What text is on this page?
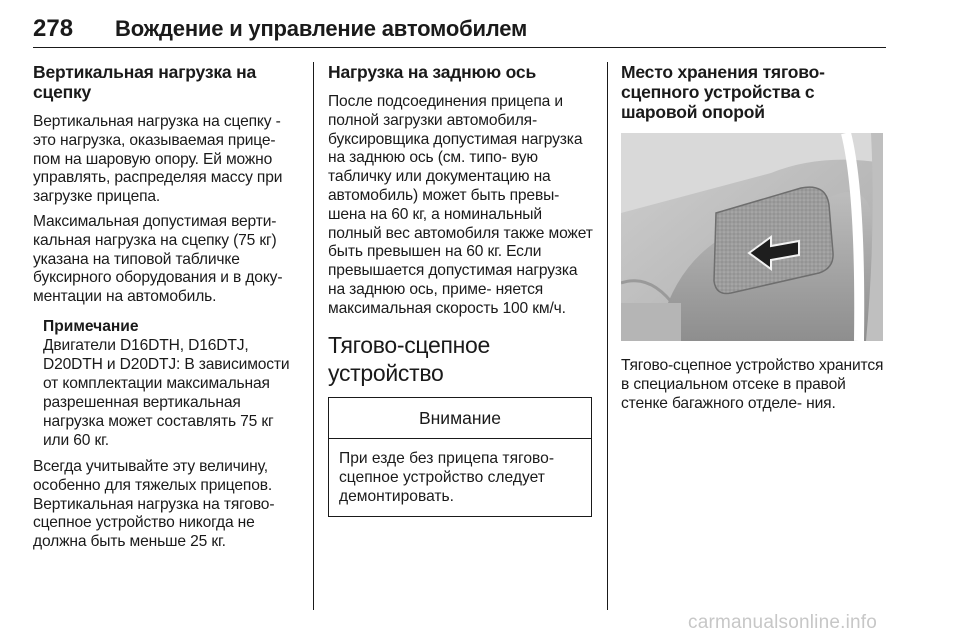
278	Вождение и управление автомобилем
Вертикальная нагрузка на сцепку

Вертикальная нагрузка на сцепку - это нагрузка, оказываемая прице- пом на шаровую опору. Ей можно управлять, распределяя массу при загрузке прицепа.

Максимальная допустимая верти- кальная нагрузка на сцепку (75 кг) указана на типовой табличке буксирного оборудования и в доку- ментации на автомобиль.

Примечание

Двигатели D16DTH, D16DTJ, D20DTH и D20DTJ: В зависимости от комплектации максимальная разрешенная вертикальная нагрузка может составлять 75 кг или 60 кг.

Всегда учитывайте эту величину, особенно для тяжелых прицепов. Вертикальная нагрузка на тягово- сцепное устройство никогда не должна быть меньше 25 кг.

Нагрузка на заднюю ось

После подсоединения прицепа и полной загрузки автомобиля- буксировщика допустимая нагрузка на заднюю ось (см. типо- вую табличку или документацию на автомобиль) может быть превы- шена на 60 кг, а номинальный полный вес автомобиля также может быть превышен на 60 кг. Если превышается допустимая нагрузка на заднюю ось, приме- няется максимальная скорость 100 км/ч.

Тягово-сцепное устройство
Внимание
При езде без прицепа тягово- сцепное устройство следует демонтировать.
Место хранения тягово- сцепного устройства с шаровой опорой

Тягово-сцепное устройство хранится в специальном отсеке в правой стенке багажного отделе- ния.

carmanualsonline.info
